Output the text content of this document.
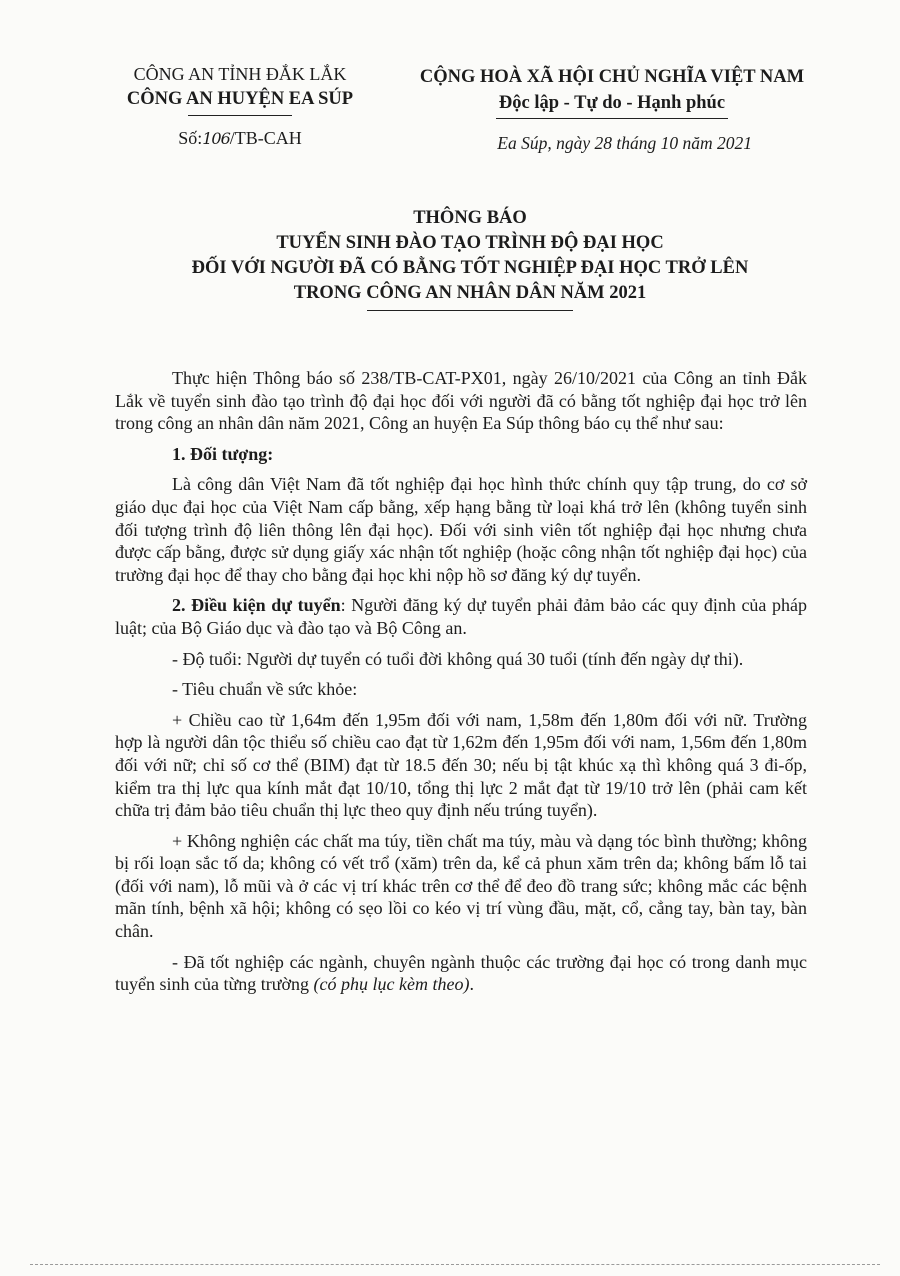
CÔNG AN TỈNH ĐẮK LẮK
CÔNG AN HUYỆN EA SÚP
Số:106/TB-CAH
CỘNG HOÀ XÃ HỘI CHỦ NGHĨA VIỆT NAM
Độc lập - Tự do - Hạnh phúc
Ea Súp, ngày 28 tháng 10 năm 2021
THÔNG BÁO
TUYỂN SINH ĐÀO TẠO TRÌNH ĐỘ ĐẠI HỌC
ĐỐI VỚI NGƯỜI ĐÃ CÓ BẰNG TỐT NGHIỆP ĐẠI HỌC TRỞ LÊN
TRONG CÔNG AN NHÂN DÂN NĂM 2021

Thực hiện Thông báo số 238/TB-CAT-PX01, ngày 26/10/2021 của Công an tỉnh Đắk Lắk về tuyển sinh đào tạo trình độ đại học đối với người đã có bằng tốt nghiệp đại học trở lên trong công an nhân dân năm 2021, Công an huyện Ea Súp thông báo cụ thể như sau:

1. Đối tượng:

Là công dân Việt Nam đã tốt nghiệp đại học hình thức chính quy tập trung, do cơ sở giáo dục đại học của Việt Nam cấp bằng, xếp hạng bằng từ loại khá trở lên (không tuyển sinh đối tượng trình độ liên thông lên đại học). Đối với sinh viên tốt nghiệp đại học nhưng chưa được cấp bằng, được sử dụng giấy xác nhận tốt nghiệp (hoặc công nhận tốt nghiệp đại học) của trường đại học để thay cho bằng đại học khi nộp hồ sơ đăng ký dự tuyển.

2. Điều kiện dự tuyển: Người đăng ký dự tuyển phải đảm bảo các quy định của pháp luật; của Bộ Giáo dục và đào tạo và Bộ Công an.

- Độ tuổi: Người dự tuyển có tuổi đời không quá 30 tuổi (tính đến ngày dự thi).

- Tiêu chuẩn về sức khỏe:

+ Chiều cao từ 1,64m đến 1,95m đối với nam, 1,58m đến 1,80m đối với nữ. Trường hợp là người dân tộc thiểu số chiều cao đạt từ 1,62m đến 1,95m đối với nam, 1,56m đến 1,80m đối với nữ; chỉ số cơ thể (BIM) đạt từ 18.5 đến 30; nếu bị tật khúc xạ thì không quá 3 đi-ốp, kiểm tra thị lực qua kính mắt đạt 10/10, tổng thị lực 2 mắt đạt từ 19/10 trở lên (phải cam kết chữa trị đảm bảo tiêu chuẩn thị lực theo quy định nếu trúng tuyển).

+ Không nghiện các chất ma túy, tiền chất ma túy, màu và dạng tóc bình thường; không bị rối loạn sắc tố da; không có vết trổ (xăm) trên da, kể cả phun xăm trên da; không bấm lỗ tai (đối với nam), lỗ mũi và ở các vị trí khác trên cơ thể để đeo đồ trang sức; không mắc các bệnh mãn tính, bệnh xã hội; không có sẹo lồi co kéo vị trí vùng đầu, mặt, cổ, cẳng tay, bàn tay, bàn chân.

- Đã tốt nghiệp các ngành, chuyên ngành thuộc các trường đại học có trong danh mục tuyển sinh của từng trường (có phụ lục kèm theo).
